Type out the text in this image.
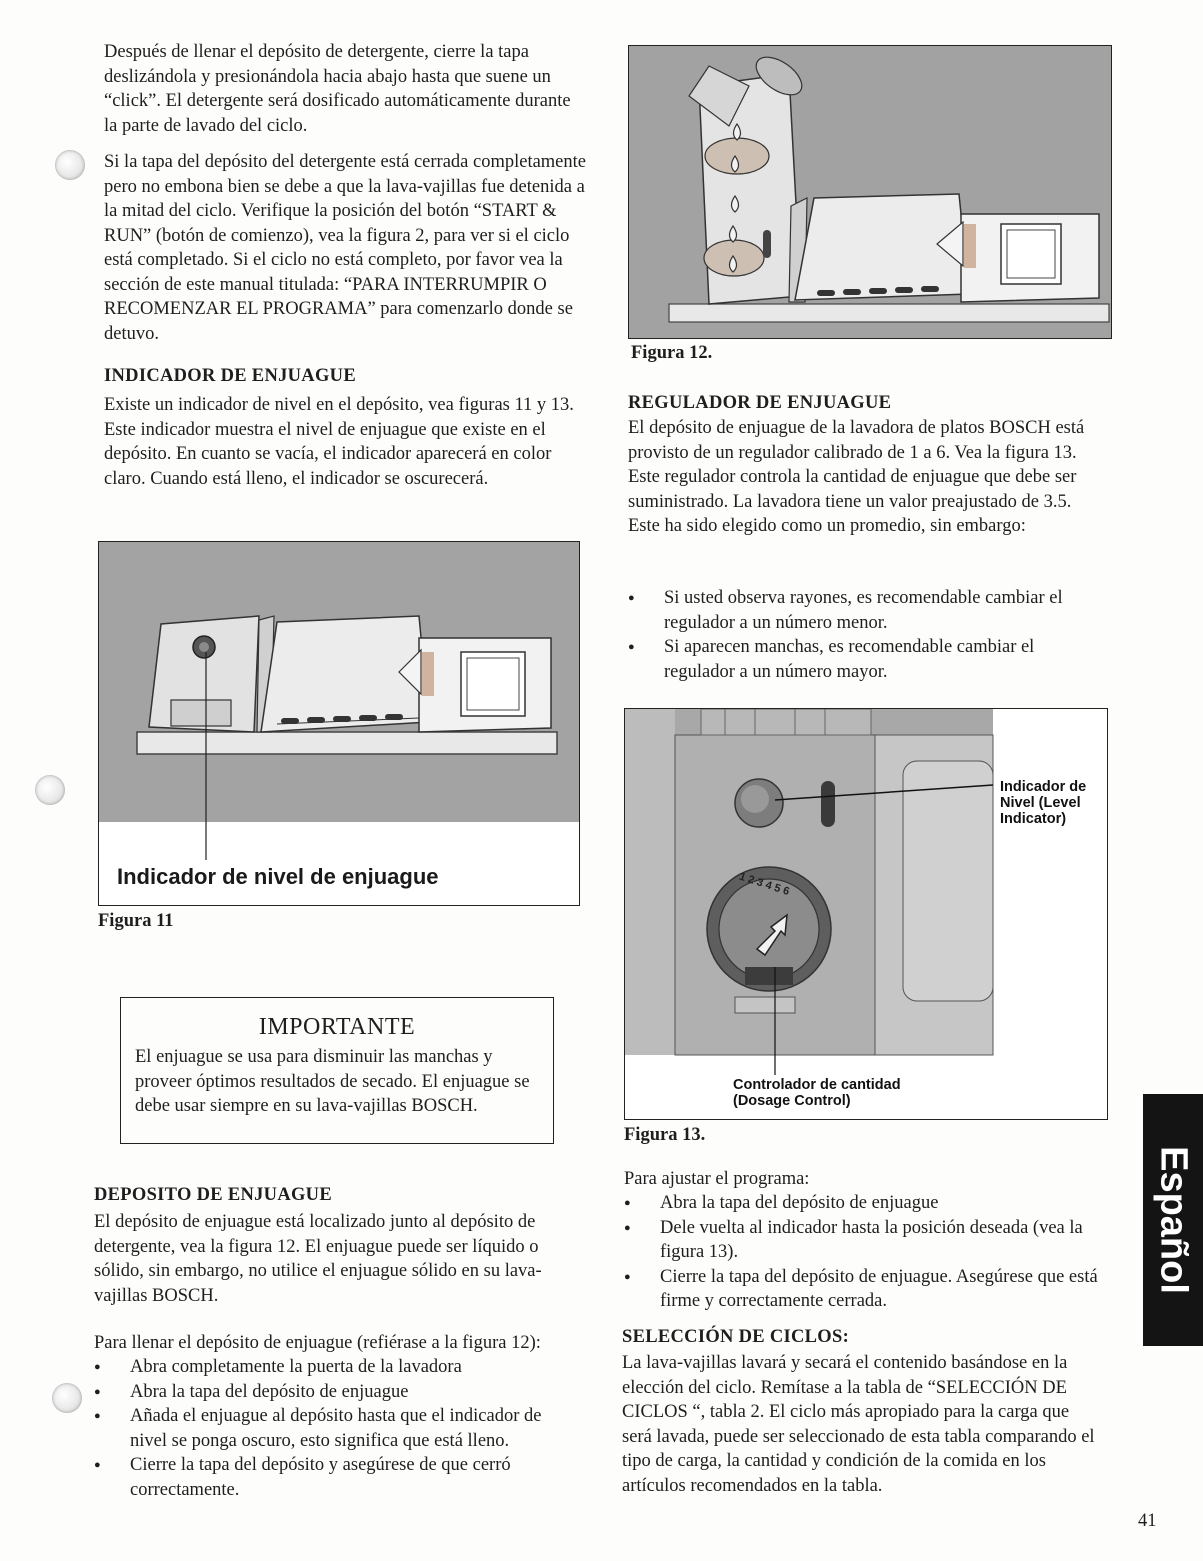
Después de llenar el depósito de detergente, cierre la tapa deslizándola y presionándola hacia abajo hasta que suene un “click”. El detergente será dosificado automáticamente durante la parte de lavado del ciclo.

Si la tapa del depósito del detergente está cerrada completamente pero no embona bien se debe a que la lava-vajillas fue detenida a la mitad del ciclo. Verifique la posición del botón “START & RUN” (botón de comienzo), vea la figura 2, para ver si el ciclo está completado. Si el ciclo no está completo, por favor vea la sección de este manual titulada: “PARA INTERRUMPIR O RECOMENZAR EL PROGRAMA” para comenzarlo donde se detuvo.

INDICADOR DE ENJUAGUE

Existe un indicador de nivel en el depósito, vea figuras 11 y 13. Este indicador muestra el nivel de enjuague que existe en el depósito. En cuanto se vacía, el indicador aparecerá en color claro. Cuando está lleno, el indicador se oscurecerá.

Indicador de nivel de enjuague

Figura 11

IMPORTANTE

El enjuague se usa para disminuir las manchas y proveer óptimos resultados de secado. El enjuague se debe usar siempre en su lava-vajillas BOSCH.

DEPOSITO DE ENJUAGUE

El depósito de enjuague está localizado junto al depósito de detergente, vea la figura 12. El enjuague puede ser líquido o sólido, sin embargo, no utilice el enjuague sólido en su lava-vajillas BOSCH.

Para llenar el depósito de enjuague (refiérase a la figura 12):

● Abra completamente la puerta de la lavadora
● Abra la tapa del depósito de enjuague
● Añada el enjuague al depósito hasta que el indicador de nivel se ponga oscuro, esto significa que está lleno.
● Cierre la tapa del depósito y asegúrese de que cerró correctamente.

Figura 12.

REGULADOR DE ENJUAGUE

El depósito de enjuague de la lavadora de platos BOSCH está provisto de un regulador calibrado de 1 a 6. Vea la figura 13. Este regulador controla la cantidad de enjuague que debe ser suministrado. La lavadora tiene un valor preajustado de 3.5. Este ha sido elegido como un promedio, sin embargo:

● Si usted observa rayones, es recomendable cambiar el regulador a un número menor.
● Si aparecen manchas, es recomendable cambiar el regulador a un número mayor.
1 2 3 4 5 6
Indicador de Nivel (Level Indicator)
Controlador de cantidad
(Dosage Control)

Figura 13.

Para ajustar el programa:

● Abra la tapa del depósito de enjuague
● Dele vuelta al indicador hasta la posición deseada (vea la figura 13).
● Cierre la tapa del depósito de enjuague. Asegúrese que está firme y correctamente cerrada.
SELECCIÓN DE CICLOS:

La lava-vajillas lavará y secará el contenido basándose en la elección del ciclo. Remítase a la tabla de “SELECCIÓN DE CICLOS “, tabla 2. El ciclo más apropiado para la carga que será lavada, puede ser seleccionado de esta tabla comparando el tipo de carga, la cantidad y condición de la comida en los artículos recomendados en la tabla.

Español
41
